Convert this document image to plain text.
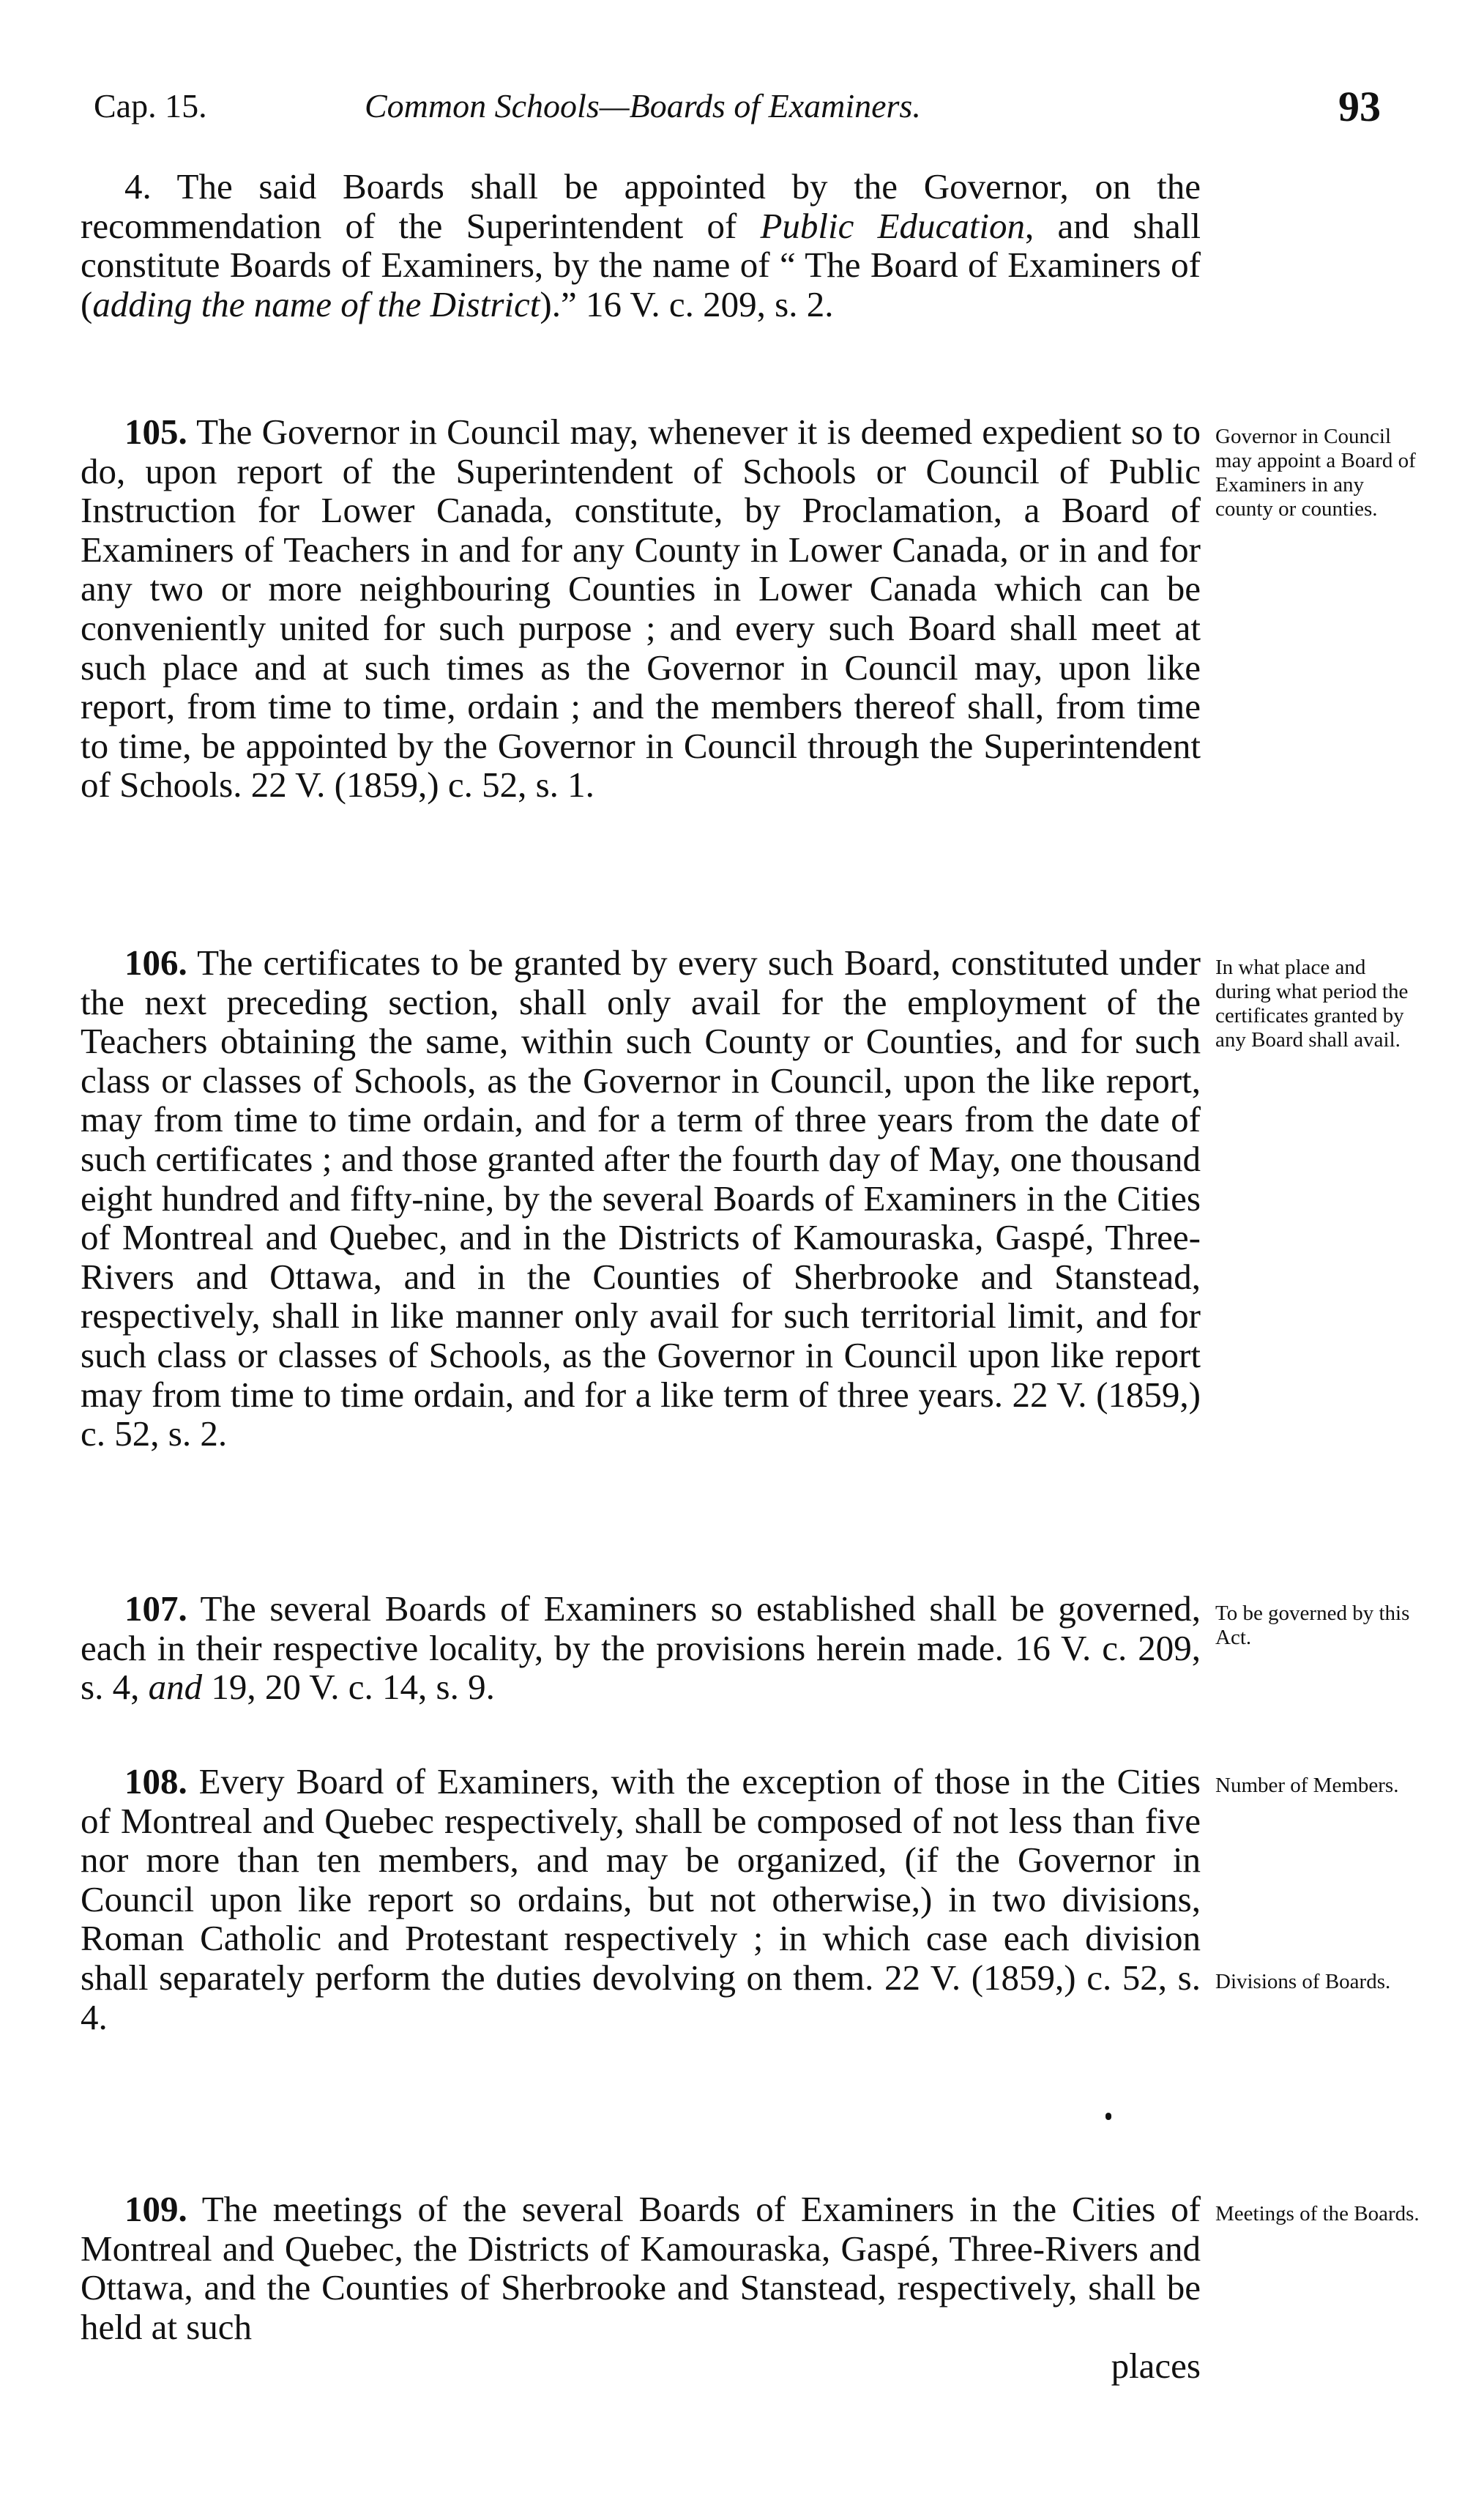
Cap. 15.	Common Schools—Boards of Examiners.	93
4. The said Boards shall be appointed by the Governor, on the recommendation of the Superintendent of Public Education, and shall constitute Boards of Examiners, by the name of “ The Board of Examiners of (adding the name of the District).” 16 V. c. 209, s. 2.
105. The Governor in Council may, whenever it is deemed expedient so to do, upon report of the Superintendent of Schools or Council of Public Instruction for Lower Canada, constitute, by Proclamation, a Board of Examiners of Teachers in and for any County in Lower Canada, or in and for any two or more neighbouring Counties in Lower Canada which can be conveniently united for such purpose ; and every such Board shall meet at such place and at such times as the Governor in Council may, upon like report, from time to time, ordain ; and the members thereof shall, from time to time, be appointed by the Governor in Council through the Superintendent of Schools. 22 V. (1859,) c. 52, s. 1.
Governor in Council may appoint a Board of Examiners in any county or counties.
106. The certificates to be granted by every such Board, constituted under the next preceding section, shall only avail for the employment of the Teachers obtaining the same, within such County or Counties, and for such class or classes of Schools, as the Governor in Council, upon the like report, may from time to time ordain, and for a term of three years from the date of such certificates ; and those granted after the fourth day of May, one thousand eight hundred and fifty-nine, by the several Boards of Examiners in the Cities of Montreal and Quebec, and in the Districts of Kamouraska, Gaspé, Three-Rivers and Ottawa, and in the Counties of Sherbrooke and Stanstead, respectively, shall in like manner only avail for such territorial limit, and for such class or classes of Schools, as the Governor in Council upon like report may from time to time ordain, and for a like term of three years. 22 V. (1859,) c. 52, s. 2.
In what place and during what period the certificates granted by any Board shall avail.
107. The several Boards of Examiners so established shall be governed, each in their respective locality, by the provisions herein made. 16 V. c. 209, s. 4, and 19, 20 V. c. 14, s. 9.
To be governed by this Act.
108. Every Board of Examiners, with the exception of those in the Cities of Montreal and Quebec respectively, shall be composed of not less than five nor more than ten members, and may be organized, (if the Governor in Council upon like report so ordains, but not otherwise,) in two divisions, Roman Catholic and Protestant respectively ; in which case each division shall separately perform the duties devolving on them. 22 V. (1859,) c. 52, s. 4.
Number of Members.
Divisions of Boards.
109. The meetings of the several Boards of Examiners in the Cities of Montreal and Quebec, the Districts of Kamouraska, Gaspé, Three-Rivers and Ottawa, and the Counties of Sherbrooke and Stanstead, respectively, shall be held at such
places
Meetings of the Boards.
